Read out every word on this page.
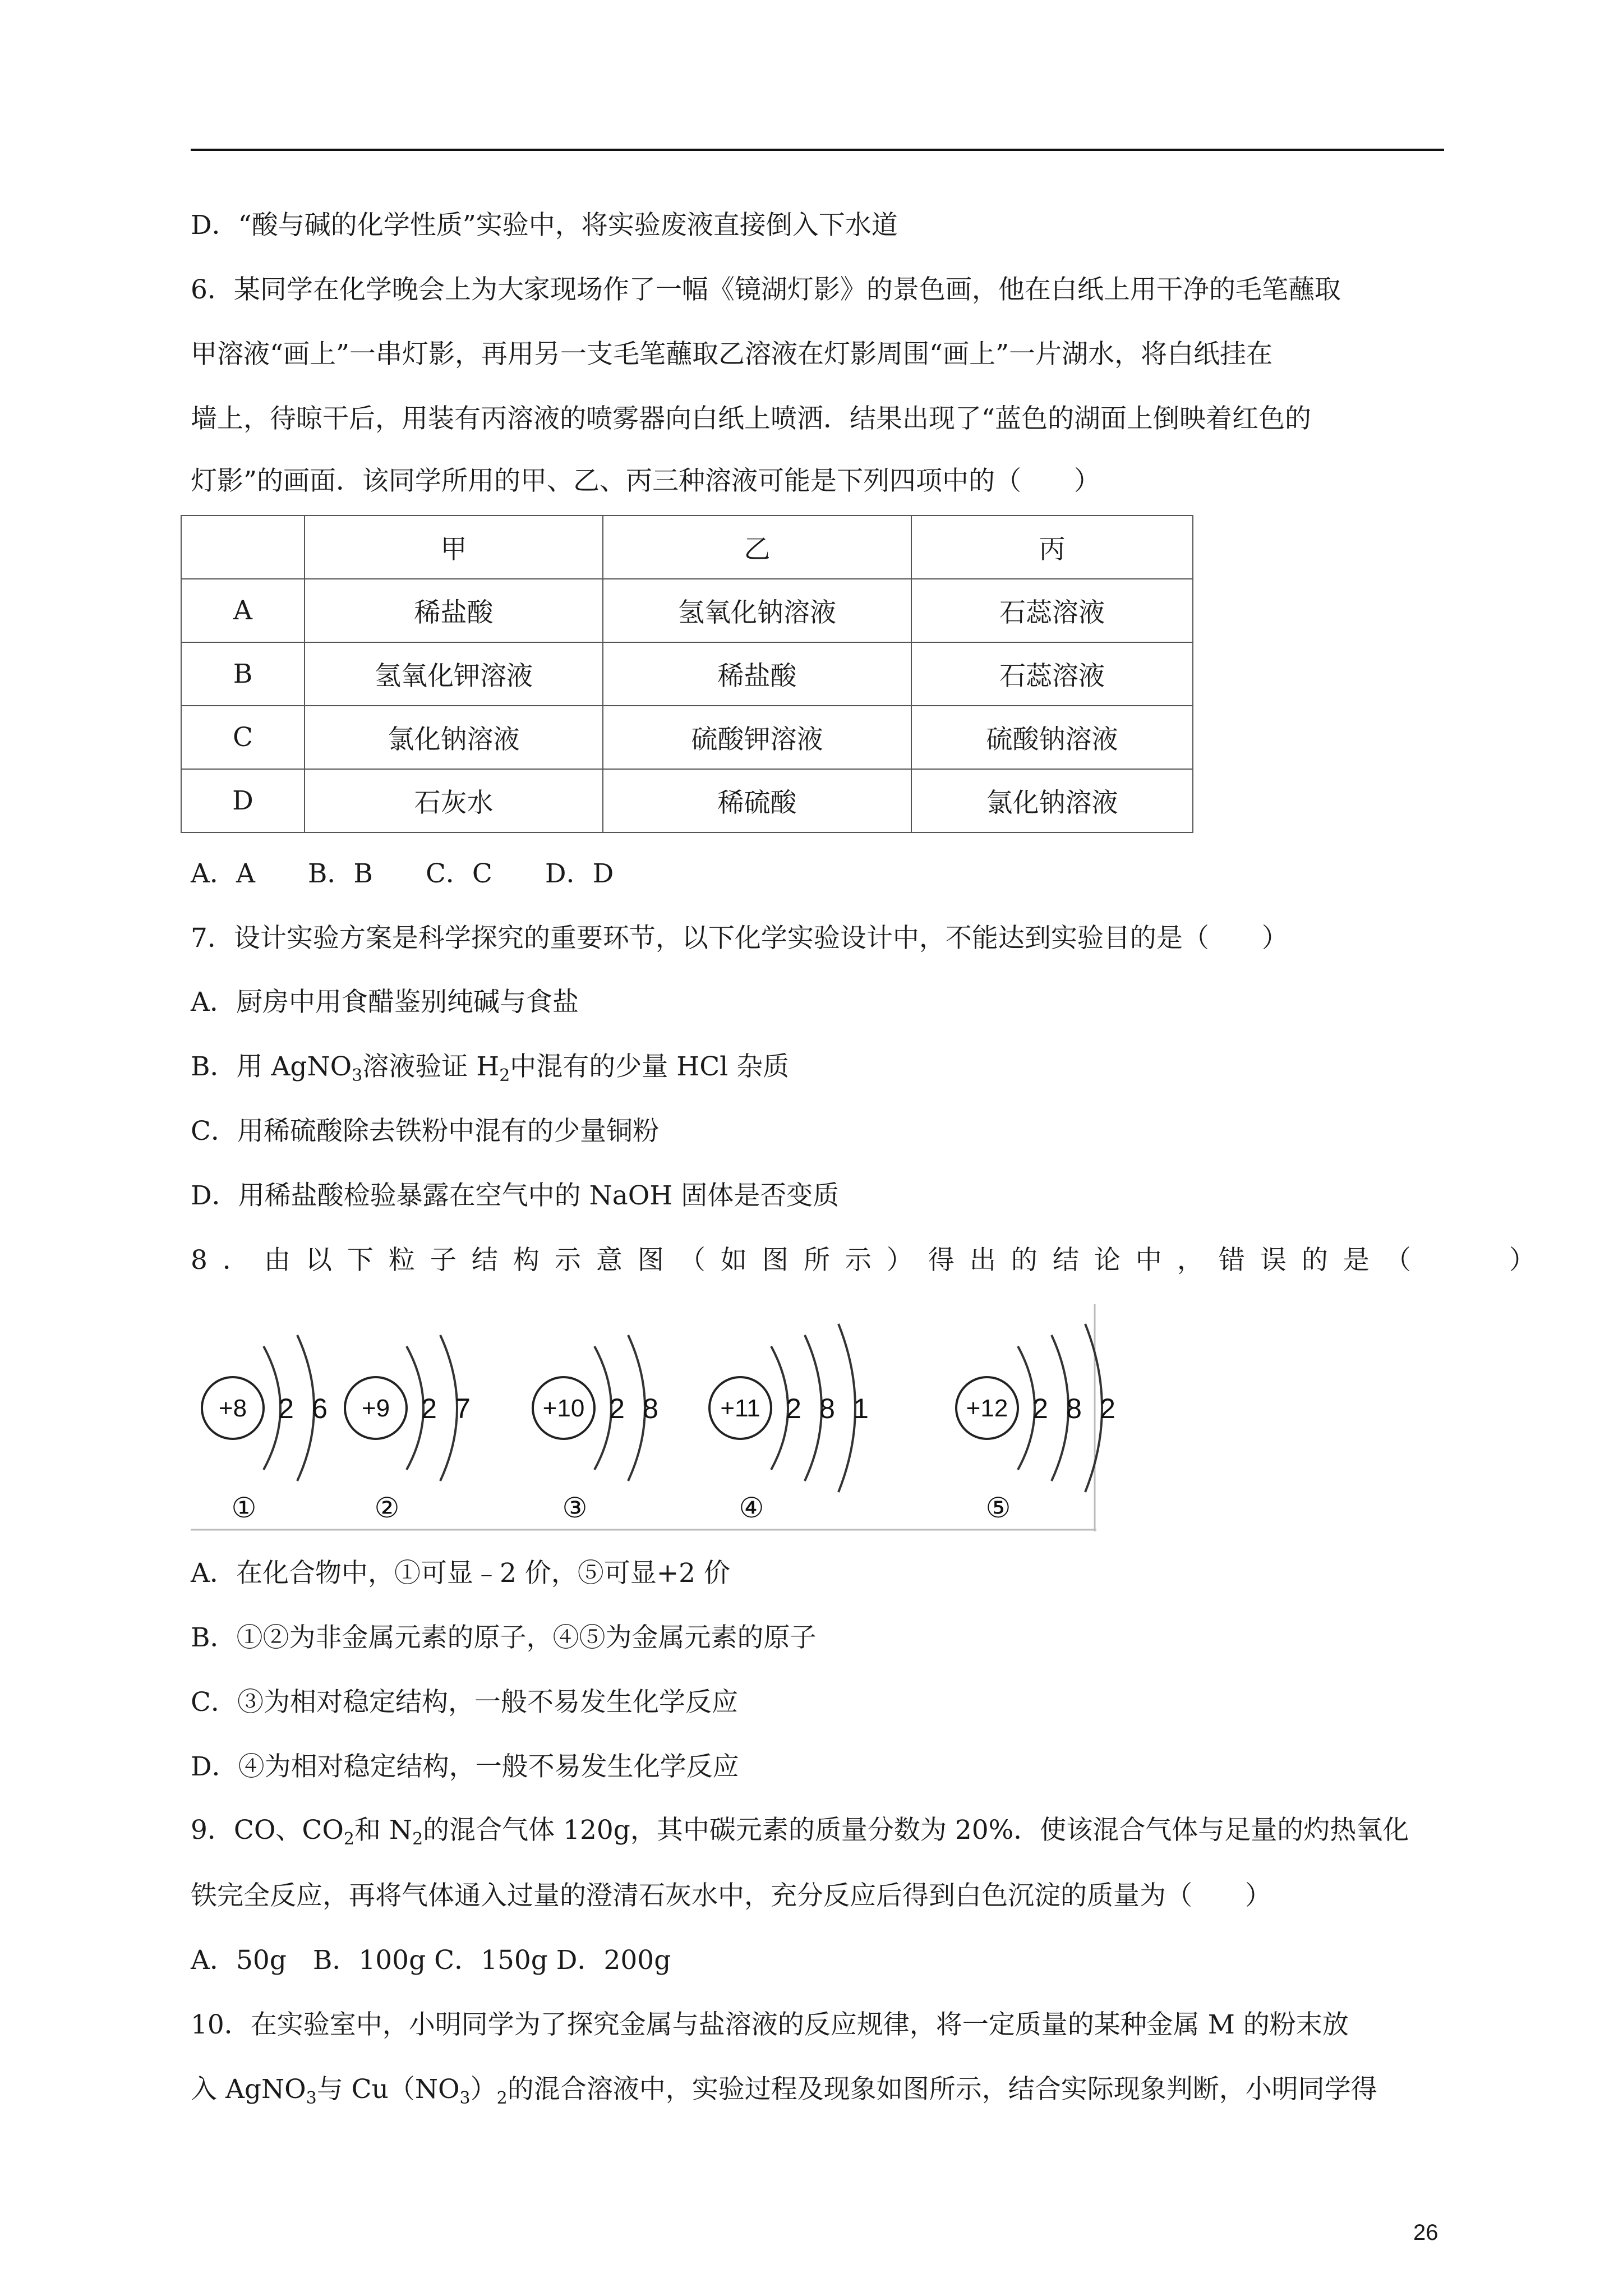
D．“酸与碱的化学性质”实验中，将实验废液直接倒入下水道
6．某同学在化学晚会上为大家现场作了一幅《镜湖灯影》的景色画，他在白纸上用干净的毛笔蘸取
甲溶液“画上”一串灯影，再用另一支毛笔蘸取乙溶液在灯影周围“画上”一片湖水，将白纸挂在
墙上，待晾干后，用装有丙溶液的喷雾器向白纸上喷洒．结果出现了“蓝色的湖面上倒映着红色的
灯影”的画面．该同学所用的甲、乙、丙三种溶液可能是下列四项中的（　　）
	甲	乙	丙
A	稀盐酸	氢氧化钠溶液	石蕊溶液
B	氢氧化钾溶液	稀盐酸	石蕊溶液
C	氯化钠溶液	硫酸钾溶液	硫酸钠溶液
D	石灰水	稀硫酸	氯化钠溶液
A．A　　B．B　　C．C　　D．D
7．设计实验方案是科学探究的重要环节，以下化学实验设计中，不能达到实验目的是（　　）
A．厨房中用食醋鉴别纯碱与食盐
B．用 AgNO$_3$溶液验证 $H_2$中混有的少量 HCl 杂质
C．用稀硫酸除去铁粉中混有的少量铜粉
D．用稀盐酸检验暴露在空气中的 NaOH 固体是否变质
8．由以下粒子结构示意图（如图所示）得出的结论中，错误的是（　　）
+8 2 6
①
+9 2 7
②
+10 2 8
③
+11 2 8 1
④
+12 2 8 2
⑤
A．在化合物中，①可显﹣2 价，⑤可显+2 价
B．①②为非金属元素的原子，④⑤为金属元素的原子
C．③为相对稳定结构，一般不易发生化学反应
D．④为相对稳定结构，一般不易发生化学反应
9．CO、$CO_2$和 $N_2$的混合气体 120g，其中碳元素的质量分数为 20%．使该混合气体与足量的灼热氧化
铁完全反应，再将气体通入过量的澄清石灰水中，充分反应后得到白色沉淀的质量为（　　）
A．50g　B．100g C．150g D．200g
10．在实验室中，小明同学为了探究金属与盐溶液的反应规律，将一定质量的某种金属 M 的粉末放
入 AgNO$_3$与 $Cu(NO_3)_2$的混合溶液中，实验过程及现象如图所示，结合实际现象判断，小明同学得
26
